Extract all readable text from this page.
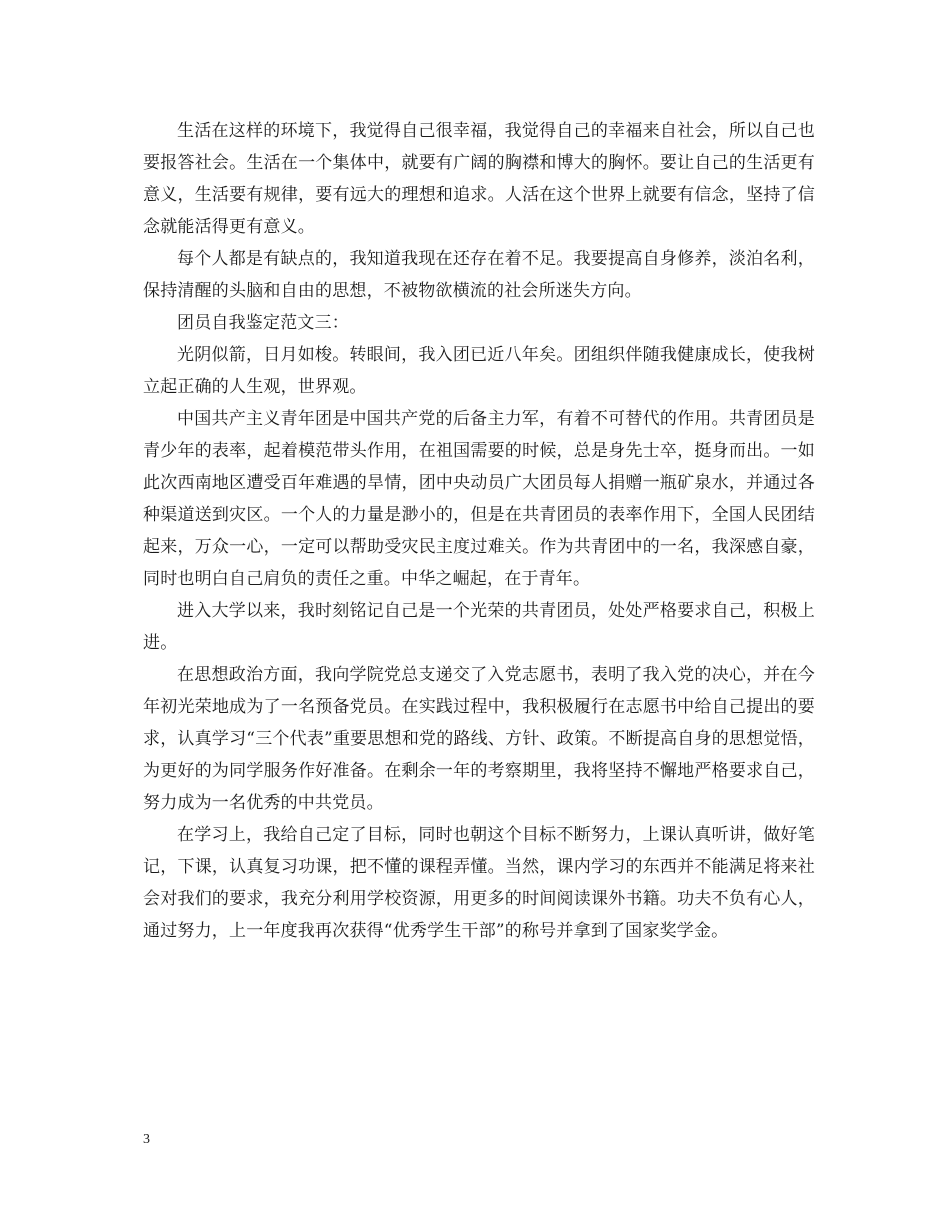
生活在这样的环境下，我觉得自己很幸福，我觉得自己的幸福来自社会，所以自己也要报答社会。生活在一个集体中，就要有广阔的胸襟和博大的胸怀。要让自己的生活更有意义，生活要有规律，要有远大的理想和追求。人活在这个世界上就要有信念，坚持了信念就能活得更有意义。

每个人都是有缺点的，我知道我现在还存在着不足。我要提高自身修养，淡泊名利，保持清醒的头脑和自由的思想，不被物欲横流的社会所迷失方向。

团员自我鉴定范文三：

光阴似箭，日月如梭。转眼间，我入团已近八年矣。团组织伴随我健康成长，使我树立起正确的人生观，世界观。

中国共产主义青年团是中国共产党的后备主力军，有着不可替代的作用。共青团员是青少年的表率，起着模范带头作用，在祖国需要的时候，总是身先士卒，挺身而出。一如此次西南地区遭受百年难遇的旱情，团中央动员广大团员每人捐赠一瓶矿泉水，并通过各种渠道送到灾区。一个人的力量是渺小的，但是在共青团员的表率作用下，全国人民团结起来，万众一心，一定可以帮助受灾民主度过难关。作为共青团中的一名，我深感自豪，同时也明白自己肩负的责任之重。中华之崛起，在于青年。

进入大学以来，我时刻铭记自己是一个光荣的共青团员，处处严格要求自己，积极上进。

在思想政治方面，我向学院党总支递交了入党志愿书，表明了我入党的决心，并在今年初光荣地成为了一名预备党员。在实践过程中，我积极履行在志愿书中给自己提出的要求，认真学习“三个代表”重要思想和党的路线、方针、政策。不断提高自身的思想觉悟，为更好的为同学服务作好准备。在剩余一年的考察期里，我将坚持不懈地严格要求自己，努力成为一名优秀的中共党员。

在学习上，我给自己定了目标，同时也朝这个目标不断努力，上课认真听讲，做好笔记，下课，认真复习功课，把不懂的课程弄懂。当然，课内学习的东西并不能满足将来社会对我们的要求，我充分利用学校资源，用更多的时间阅读课外书籍。功夫不负有心人，通过努力，上一年度我再次获得“优秀学生干部”的称号并拿到了国家奖学金。

3
